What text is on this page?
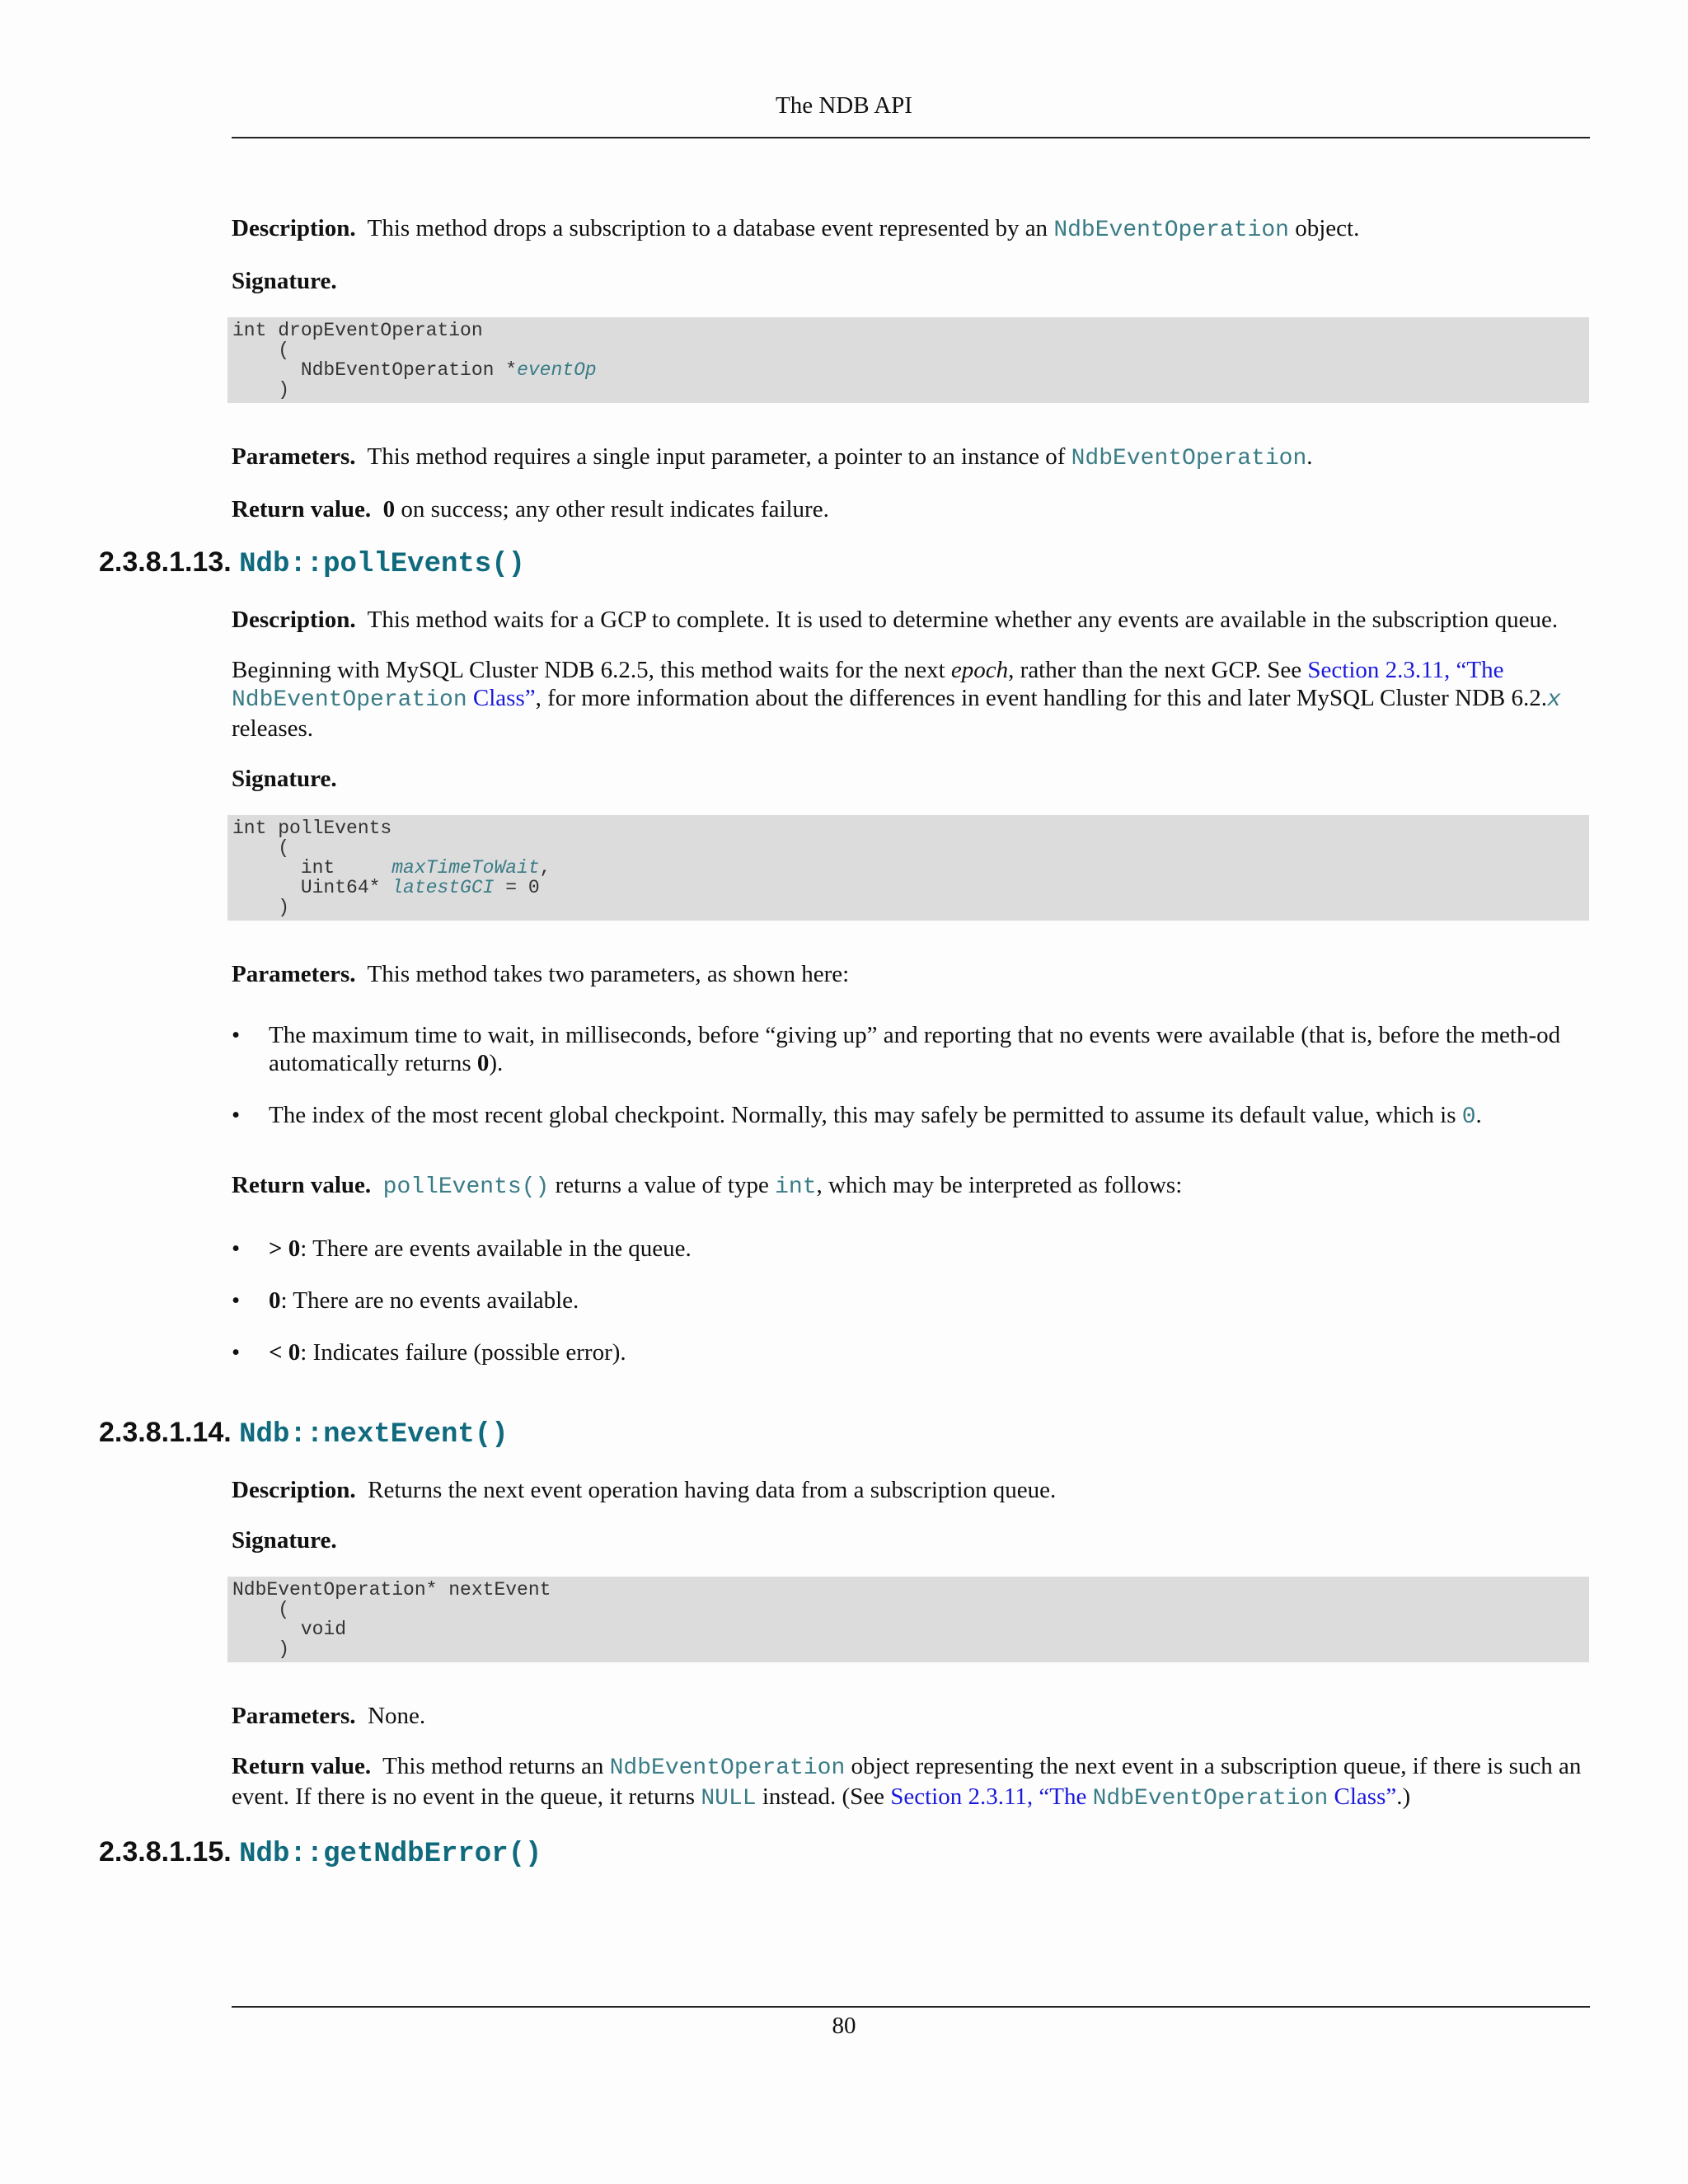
The NDB API

Description. This method drops a subscription to a database event represented by an NdbEventOperation object.

Signature.

int dropEventOperation
(
NdbEventOperation *eventOp
)

Parameters. This method requires a single input parameter, a pointer to an instance of NdbEventOperation.

Return value. 0 on success; any other result indicates failure.

2.3.8.1.13. Ndb::pollEvents()

Description. This method waits for a GCP to complete. It is used to determine whether any events are available in the subscription queue.

Beginning with MySQL Cluster NDB 6.2.5, this method waits for the next epoch, rather than the next GCP. See Section 2.3.11, “The
NdbEventOperation Class”, for more information about the differences in event handling for this and later MySQL Cluster NDB 6.2.x releases.

Signature.

int pollEvents
(
int     maxTimeToWait,
Uint64* latestGCI = 0
)

Parameters. This method takes two parameters, as shown here:

• The maximum time to wait, in milliseconds, before “giving up” and reporting that no events were available (that is, before the meth-od automatically returns 0).
• The index of the most recent global checkpoint. Normally, this may safely be permitted to assume its default value, which is 0.

Return value. pollEvents() returns a value of type int, which may be interpreted as follows:

• > 0: There are events available in the queue.
• 0: There are no events available.
• < 0: Indicates failure (possible error).
2.3.8.1.14. Ndb::nextEvent()

Description. Returns the next event operation having data from a subscription queue.

Signature.

NdbEventOperation* nextEvent
(
void
)

Parameters. None.

Return value. This method returns an NdbEventOperation object representing the next event in a subscription queue, if there is such an event. If there is no event in the queue, it returns NULL instead. (See Section 2.3.11, “The NdbEventOperation Class”.)

2.3.8.1.15. Ndb::getNdbError()
80
